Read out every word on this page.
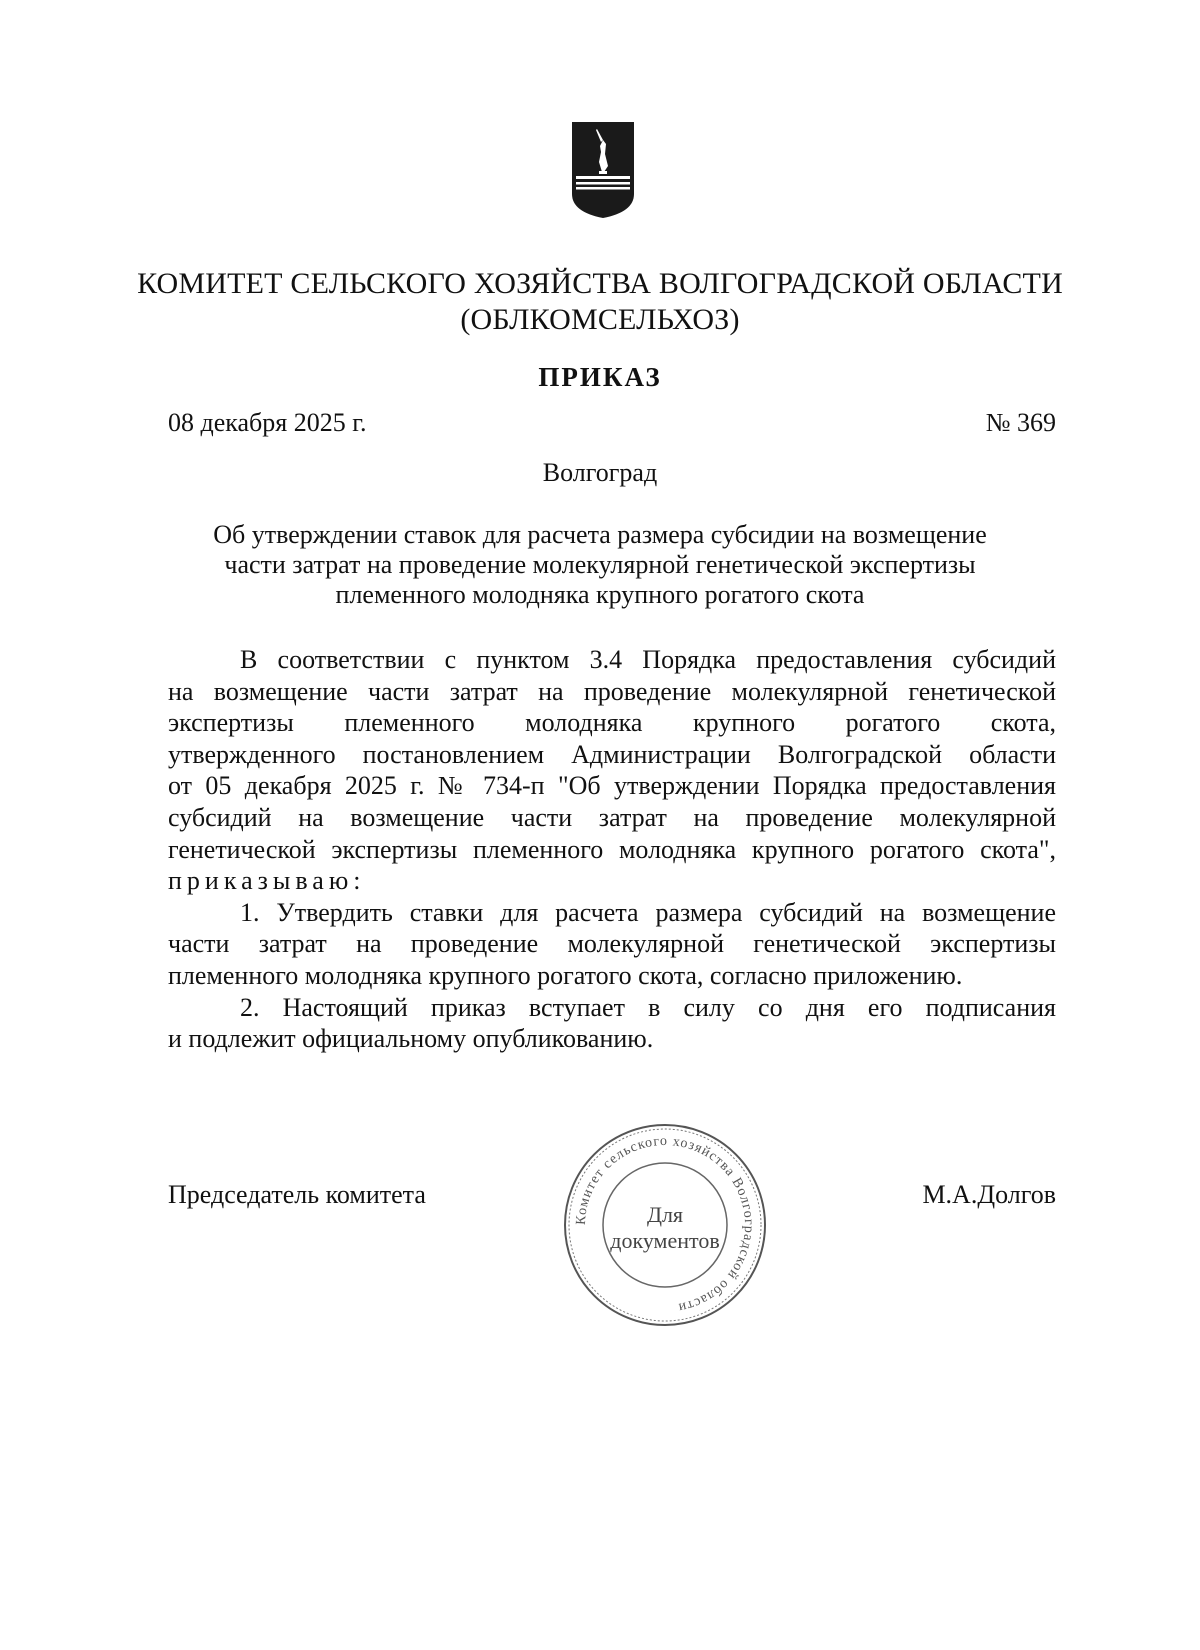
КОМИТЕТ СЕЛЬСКОГО ХОЗЯЙСТВА ВОЛГОГРАДСКОЙ ОБЛАСТИ
(ОБЛКОМСЕЛЬХОЗ)
ПРИКАЗ
08 декабря 2025 г.	№ 369
Волгоград
Об утверждении ставок для расчета размера субсидии на возмещение
части затрат на проведение молекулярной генетической экспертизы
племенного молодняка крупного рогатого скота
В соответствии с пунктом 3.4 Порядка предоставления субсидий
на возмещение части затрат на проведение молекулярной генетической
экспертизы племенного молодняка крупного рогатого скота,
утвержденного постановлением Администрации Волгоградской области
от 05 декабря 2025 г. № 734-п "Об утверждении Порядка предоставления
субсидий на возмещение части затрат на проведение молекулярной
генетической экспертизы племенного молодняка крупного рогатого скота",
приказываю:
1. Утвердить ставки для расчета размера субсидий на возмещение
части затрат на проведение молекулярной генетической экспертизы
племенного молодняка крупного рогатого скота, согласно приложению.
2. Настоящий приказ вступает в силу со дня его подписания
и подлежит официальному опубликованию.
Председатель комитета	М.А.Долгов
Комитет сельского хозяйства Волгоградской области
Для
документов
